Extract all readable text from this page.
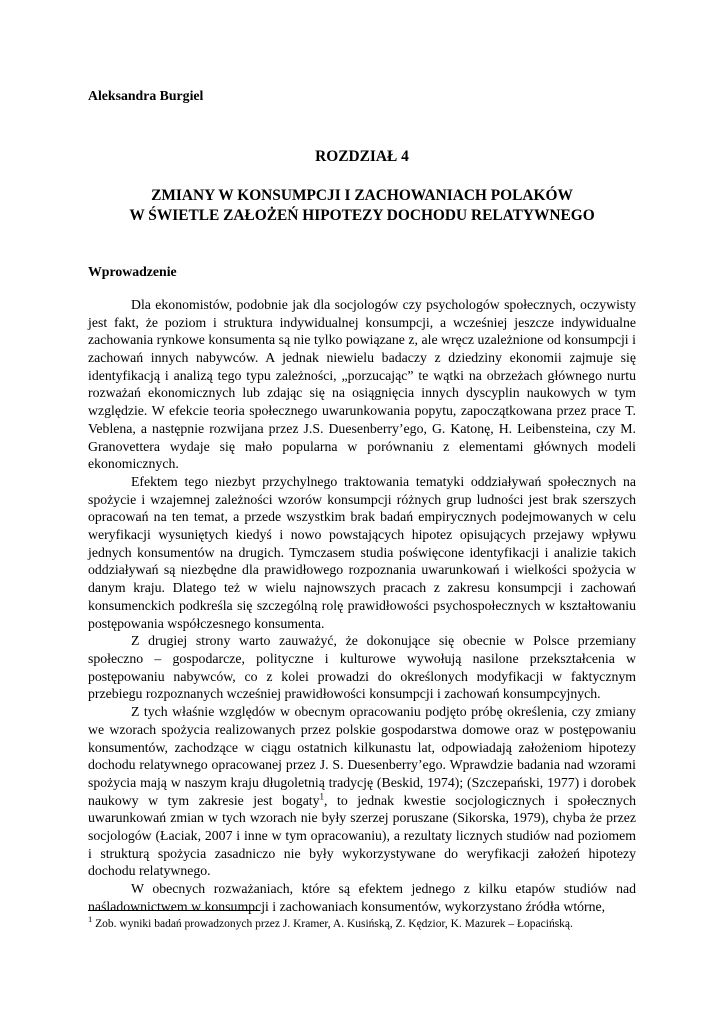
Aleksandra Burgiel

ROZDZIAŁ 4

ZMIANY W KONSUMPCJI I ZACHOWANIACH POLAKÓW
W ŚWIETLE ZAŁOŻEŃ HIPOTEZY DOCHODU RELATYWNEGO

Wprowadzenie

Dla ekonomistów, podobnie jak dla socjologów czy psychologów społecznych, oczywisty jest fakt, że poziom i struktura indywidualnej konsumpcji, a wcześniej jeszcze indywidualne zachowania rynkowe konsumenta są nie tylko powiązane z, ale wręcz uzależnione od konsumpcji i zachowań innych nabywców. A jednak niewielu badaczy z dziedziny ekonomii zajmuje się identyfikacją i analizą tego typu zależności, „porzucając” te wątki na obrzeżach głównego nurtu rozważań ekonomicznych lub zdając się na osiągnięcia innych dyscyplin naukowych w tym względzie. W efekcie teoria społecznego uwarunkowania popytu, zapoczątkowana przez prace T. Veblena, a następnie rozwijana przez J.S. Duesenberry’ego, G. Katonę, H. Leibensteina, czy M. Granovettera wydaje się mało popularna w porównaniu z elementami głównych modeli ekonomicznych.

Efektem tego niezbyt przychylnego traktowania tematyki oddziaływań społecznych na spożycie i wzajemnej zależności wzorów konsumpcji różnych grup ludności jest brak szerszych opracowań na ten temat, a przede wszystkim brak badań empirycznych podejmowanych w celu weryfikacji wysuniętych kiedyś i nowo powstających hipotez opisujących przejawy wpływu jednych konsumentów na drugich. Tymczasem studia poświęcone identyfikacji i analizie takich oddziaływań są niezbędne dla prawidłowego rozpoznania uwarunkowań i wielkości spożycia w danym kraju. Dlatego też w wielu najnowszych pracach z zakresu konsumpcji i zachowań konsumenckich podkreśla się szczególną rolę prawidłowości psychospołecznych w kształtowaniu postępowania współczesnego konsumenta.

Z drugiej strony warto zauważyć, że dokonujące się obecnie w Polsce przemiany społeczno – gospodarcze, polityczne i kulturowe wywołują nasilone przekształcenia w postępowaniu nabywców, co z kolei prowadzi do określonych modyfikacji w faktycznym przebiegu rozpoznanych wcześniej prawidłowości konsumpcji i zachowań konsumpcyjnych.

Z tych właśnie względów w obecnym opracowaniu podjęto próbę określenia, czy zmiany we wzorach spożycia realizowanych przez polskie gospodarstwa domowe oraz w postępowaniu konsumentów, zachodzące w ciągu ostatnich kilkunastu lat, odpowiadają założeniom hipotezy dochodu relatywnego opracowanej przez J. S. Duesenberry’ego. Wprawdzie badania nad wzorami spożycia mają w naszym kraju długoletnią tradycję (Beskid, 1974); (Szczepański, 1977) i dorobek naukowy w tym zakresie jest bogaty$^1$, to jednak kwestie socjologicznych i społecznych uwarunkowań zmian w tych wzorach nie były szerzej poruszane (Sikorska, 1979), chyba że przez socjologów (Łaciak, 2007 i inne w tym opracowaniu), a rezultaty licznych studiów nad poziomem i strukturą spożycia zasadniczo nie były wykorzystywane do weryfikacji założeń hipotezy dochodu relatywnego.

W obecnych rozważaniach, które są efektem jednego z kilku etapów studiów nad naśladownictwem w konsumpcji i zachowaniach konsumentów, wykorzystano źródła wtórne,

$^1$ Zob. wyniki badań prowadzonych przez J. Kramer, A. Kusińską, Z. Kędzior, K. Mazurek – Łopacińską.
